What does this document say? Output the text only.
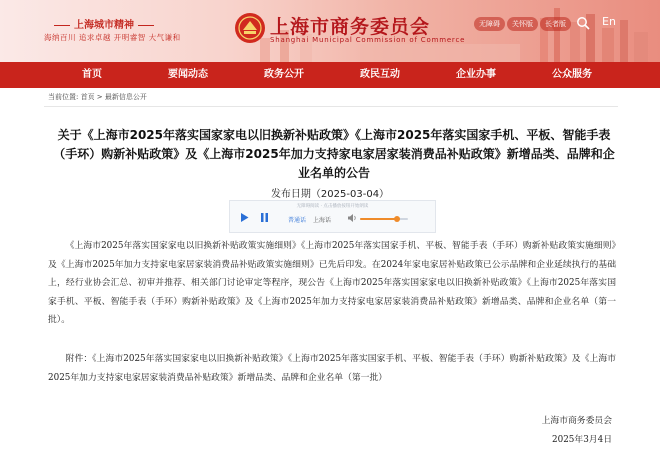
上海城市精神
海纳百川 追求卓越 开明睿智 大气谦和	上海市商务委员会
Shanghai Municipal Commission of Commerce
无障碍	关怀版	长者版	En
首页	要闻动态	政务公开	政民互动	企业办事	公众服务
当前位置: 首页 > 最新信息公开
关于《上海市2025年落实国家家电以旧换新补贴政策》《上海市2025年落实国家手机、平板、智能手表（手环）购新补贴政策》及《上海市2025年加力支持家电家居家装消费品补贴政策》新增品类、品牌和企业名单的公告
发布日期（2025-03-04）
无障碍阅读 · 点击播放按钮开始朗读
普通话 上海话
《上海市2025年落实国家家电以旧换新补贴政策实施细则》《上海市2025年落实国家手机、平板、智能手表（手环）购新补贴政策实施细则》及《上海市2025年加力支持家电家居家装消费品补贴政策实施细则》已先后印发。在2024年家电家居补贴政策已公示品牌和企业延续执行的基础上，经行业协会汇总、初审并推荐、相关部门讨论审定等程序，现公告《上海市2025年落实国家家电以旧换新补贴政策》《上海市2025年落实国家手机、平板、智能手表（手环）购新补贴政策》及《上海市2025年加力支持家电家居家装消费品补贴政策》新增品类、品牌和企业名单（第一批）。
附件：《上海市2025年落实国家家电以旧换新补贴政策》《上海市2025年落实国家手机、平板、智能手表（手环）购新补贴政策》及《上海市2025年加力支持家电家居家装消费品补贴政策》新增品类、品牌和企业名单（第一批）
上海市商务委员会
2025年3月4日
